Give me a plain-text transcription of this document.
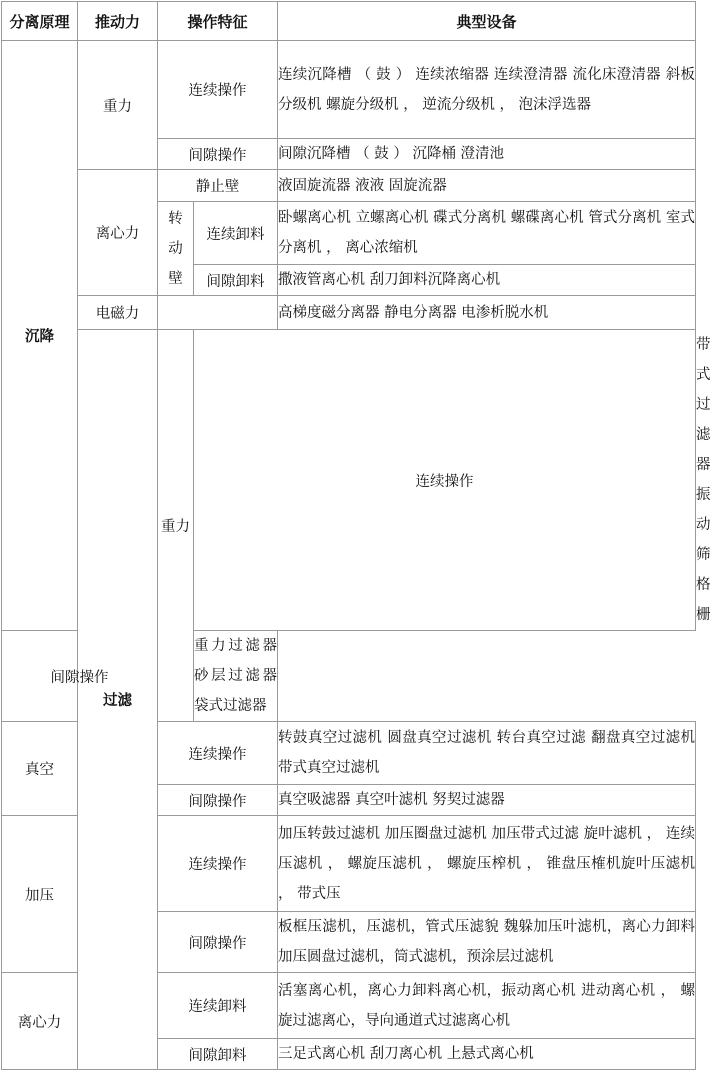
分离原理	推动力	操作特征		典型设备	
沉降	重力	连续操作		连续沉降槽 （ 鼓 ） 连续浓缩器 连续澄清器 流化床澄清器 斜板分级机 螺旋分级机 ， 逆流分级机 ， 泡沫浮选器	
		间隙操作		间隙沉降槽 （ 鼓 ） 沉降桶 澄清池	
	离心力	静止壁		液固旋流器 液液 固旋流器	
		转动壁	连续卸料	卧螺离心机 立螺离心机 碟式分离机 螺碟离心机 管式分离机 室式分离机 ， 离心浓缩机	
			间隙卸料	撒液管离心机 刮刀卸料沉降离心机	
	电磁力			高梯度磁分离器 静电分离器 电渗析脱水机	
	过滤	重力	连续操作		带式过滤器 振动筛 格栅
间隙操作			重力过滤器 砂层过滤器 袋式过滤器		
真空		连续操作		转鼓真空过滤机 圆盘真空过滤机 转台真空过滤 翻盘真空过滤机 带式真空过滤机	
		间隙操作		真空吸滤器 真空叶滤机 努契过滤器	
加压		连续操作		加压转鼓过滤机 加压圈盘过滤机 加压带式过滤 旋叶滤机 ， 连续压滤机 ， 螺旋压滤机 ， 螺旋压榨机 ， 锥盘压榷机旋叶压滤机 ， 带式压	
		间隙操作		板框压滤机，压滤机，管式压滤貌 魏躲加压叶滤机，离心力卸料加压圆盘过滤机，筒式滤机，预涂层过滤机	
离心力		连续卸料		活塞离心机，离心力卸料离心机，振动离心机 进动离心机 ， 螺旋过滤离心，导向通道式过滤离心机	
		间隙卸料		三足式离心机 刮刀离心机 上悬式离心机	
